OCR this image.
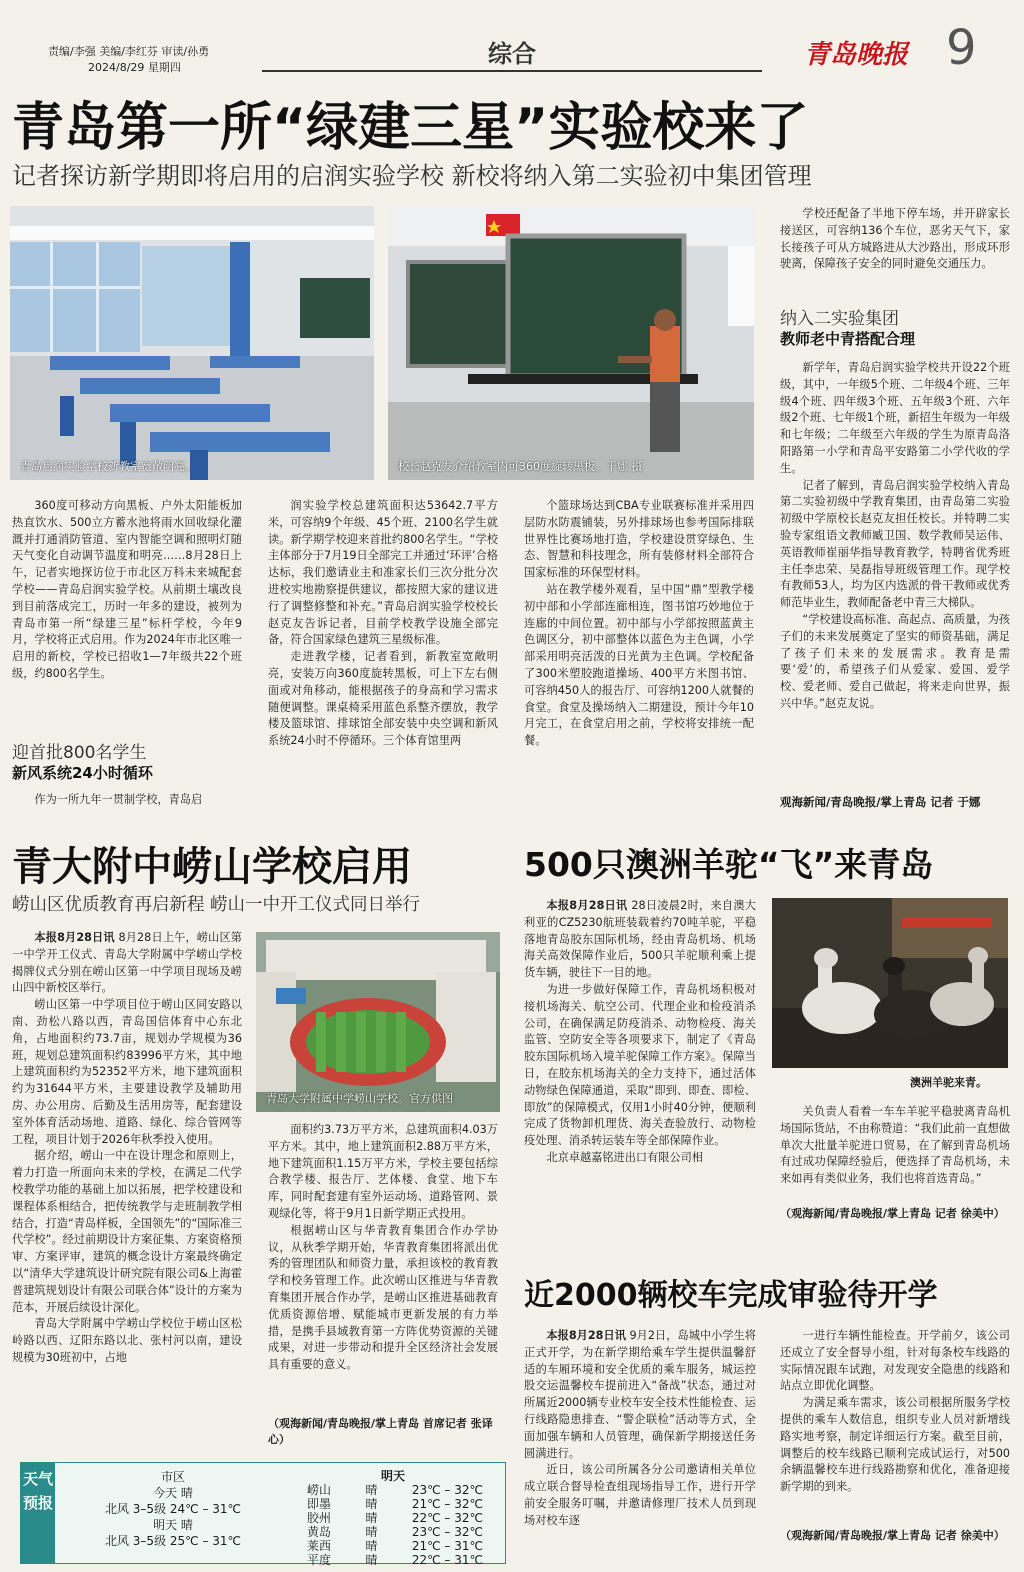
责编/李强 美编/李红芬 审读/孙勇
2024/8/29 星期四	综合	青岛晚报 9
青岛第一所“绿建三星”实验校来了
记者探访新学期即将启用的启润实验学校 新校将纳入第二实验初中集团管理
青岛启润实验学校新教室宽敞明亮。	校长赵克友介绍教室内可360度旋转黑板。于娜 摄

360度可移动方向黑板、户外太阳能板加热直饮水、500立方蓄水池将雨水回收绿化灌溉并打通消防管道、室内智能空调和照明灯随天气变化自动调节温度和明亮……8月28日上午，记者实地探访位于市北区万科未来城配套学校——青岛启润实验学校。从前期土壤改良到目前落成完工，历时一年多的建设，被列为青岛市第一所“绿建三星”标杆学校，今年9月，学校将正式启用。作为2024年市北区唯一启用的新校，学校已招收1—7年级共22个班级，约800名学生。

迎首批800名学生
新风系统24小时循环

作为一所九年一贯制学校，青岛启

润实验学校总建筑面积达53642.7平方米，可容纳9个年级、45个班、2100名学生就读。新学期学校迎来首批约800名学生。“学校主体部分于7月19日全部完工并通过‘环评’合格达标，我们邀请业主和准家长们三次分批分次进校实地勘察提供建议，都按照大家的建议进行了调整修整和补充。”青岛启润实验学校校长赵克友告诉记者，目前学校教学设施全部完备，符合国家绿色建筑三星级标准。

走进教学楼，记者看到，新教室宽敞明亮，安装万向360度旋转黑板，可上下左右侧面或对角移动，能根据孩子的身高和学习需求随便调整。课桌椅采用蓝色系整齐摆放，教学楼及篮球馆、排球馆全部安装中央空调和新风系统24小时不停循环。三个体育馆里两

个篮球场达到CBA专业联赛标准并采用四层防水防震铺装，另外排球场也参考国际排联世界性比赛场地打造，学校建设贯穿绿色、生态、智慧和科技理念，所有装修材料全部符合国家标准的环保型材料。

站在教学楼外观看，呈中国“鼎”型教学楼初中部和小学部连廊相连，图书馆巧妙地位于连廊的中间位置。初中部与小学部按照蓝黄主色调区分，初中部整体以蓝色为主色调，小学部采用明亮活泼的日光黄为主色调。学校配备了300米塑胶跑道操场、400平方米图书馆、可容纳450人的报告厅、可容纳1200人就餐的食堂。食堂及操场纳入二期建设，预计今年10月完工，在食堂启用之前，学校将安排统一配餐。

学校还配备了半地下停车场，并开辟家长接送区，可容纳136个车位，恶劣天气下，家长接孩子可从方城路进从大沙路出，形成环形驶离，保障孩子安全的同时避免交通压力。

纳入二实验集团
教师老中青搭配合理

新学年，青岛启润实验学校共开设22个班级，其中，一年级5个班、二年级4个班、三年级4个班、四年级3个班、五年级3个班、六年级2个班、七年级1个班，新招生年级为一年级和七年级；二年级至六年级的学生为原青岛洛阳路第一小学和青岛平安路第二小学代收的学生。

记者了解到，青岛启润实验学校纳入青岛第二实验初级中学教育集团，由青岛第二实验初级中学原校长赵克友担任校长。并特聘二实验专家组语文教师臧卫国、数学教师吴运伟、英语教师崔丽华指导教育教学，特聘省优秀班主任李忠荣、吴磊指导班级管理工作。现学校有教师53人，均为区内选派的骨干教师或优秀师范毕业生，教师配备老中青三大梯队。

“学校建设高标准、高起点、高质量，为孩子们的未来发展奠定了坚实的师资基础，满足了孩子们未来的发展需求。教育是需要‘爱’的，希望孩子们从爱家、爱国、爱学校、爱老师、爱自己做起，将来走向世界，振兴中华。”赵克友说。

观海新闻/青岛晚报/掌上青岛 记者 于娜
青大附中崂山学校启用
崂山区优质教育再启新程 崂山一中开工仪式同日举行

本报8月28日讯 8月28日上午，崂山区第一中学开工仪式、青岛大学附属中学崂山学校揭牌仪式分别在崂山区第一中学项目现场及崂山四中新校区举行。

崂山区第一中学项目位于崂山区同安路以南、劲松八路以西，青岛国信体育中心东北角，占地面积约73.7亩，规划办学规模为36班，规划总建筑面积约83996平方米，其中地上建筑面积约为52352平方米，地下建筑面积约为31644平方米，主要建设教学及辅助用房、办公用房、后勤及生活用房等，配套建设室外体育活动场地、道路、绿化、综合管网等工程，项目计划于2026年秋季投入使用。

据介绍，崂山一中在设计理念和原则上，着力打造一所面向未来的学校，在满足二代学校教学功能的基础上加以拓展，把学校建设和课程体系相结合，把传统教学与走班制教学相结合，打造“青岛样板，全国领先”的“国际准三代学校”。经过前期设计方案征集、方案资格预审、方案评审，建筑的概念设计方案最终确定以“清华大学建筑设计研究院有限公司&上海霍普建筑规划设计有限公司联合体”设计的方案为范本，开展后续设计深化。

青岛大学附属中学崂山学校位于崂山区松岭路以西、辽阳东路以北、张村河以南，建设规模为30班初中，占地

青岛大学附属中学崂山学校。官方供图

面积约3.73万平方米，总建筑面积4.03万平方米。其中，地上建筑面积2.88万平方米，地下建筑面积1.15万平方米，学校主要包括综合教学楼、报告厅、艺体楼、食堂、地下车库，同时配套建有室外运动场、道路管网、景观绿化等，将于9月1日新学期正式投用。

根据崂山区与华青教育集团合作办学协议，从秋季学期开始，华青教育集团将派出优秀的管理团队和师资力量，承担该校的教育教学和校务管理工作。此次崂山区推进与华青教育集团开展合作办学，是崂山区推进基础教育优质资源倍增、赋能城市更新发展的有力举措，是携手县域教育第一方阵优势资源的关键成果，对进一步带动和提升全区经济社会发展具有重要的意义。

（观海新闻/青岛晚报/掌上青岛 首席记者 张译心）
500只澳洲羊驼“飞”来青岛

本报8月28日讯 28日凌晨2时，来自澳大利亚的CZ5230航班装载着约70吨羊驼，平稳落地青岛胶东国际机场，经由青岛机场、机场海关高效保障作业后，500只羊驼顺利乘上提货车辆，驶往下一目的地。

为进一步做好保障工作，青岛机场积极对接机场海关、航空公司、代理企业和检疫消杀公司，在确保满足防疫消杀、动物检疫、海关监管、空防安全等各项要求下，制定了《青岛胶东国际机场入境羊驼保障工作方案》。保障当日，在胶东机场海关的全力支持下，通过活体动物绿色保障通道，采取“即到、即查、即检、即放”的保障模式，仅用1小时40分钟，便顺利完成了货物卸机理货、海关查验放行、动物检疫处理、消杀转运装车等全部保障作业。

北京卓越嘉铭进出口有限公司相

澳洲羊驼来青。

关负责人看着一车车羊驼平稳驶离青岛机场国际货站，不由称赞道：“我们此前一直想做单次大批量羊驼进口贸易，在了解到青岛机场有过成功保障经验后，便选择了青岛机场，未来如再有类似业务，我们也将首选青岛。”

（观海新闻/青岛晚报/掌上青岛 记者 徐美中）
近2000辆校车完成审验待开学

本报8月28日讯 9月2日，岛城中小学生将正式开学，为在新学期给乘车学生提供温馨舒适的车厢环境和安全优质的乘车服务，城运控股交运温馨校车提前进入“备战”状态，通过对所属近2000辆专业校车安全技术性能检查、运行线路隐患排查、“警企联检”活动等方式，全面加强车辆和人员管理，确保新学期接送任务圆满进行。

近日，该公司所属各分公司邀请相关单位成立联合督导检查组现场指导工作，进行开学前安全服务叮嘱，并邀请修理厂技术人员到现场对校车逐

一进行车辆性能检查。开学前夕，该公司还成立了安全督导小组，针对每条校车线路的实际情况跟车试跑，对发现安全隐患的线路和站点立即优化调整。

为满足乘车需求，该公司根据所服务学校提供的乘车人数信息，组织专业人员对新增线路实地考察，制定详细运行方案。截至目前，调整后的校车线路已顺利完成试运行，对500余辆温馨校车进行线路勘察和优化，准备迎接新学期的到来。

（观海新闻/青岛晚报/掌上青岛 记者 徐美中）
天气预报
市区
今天 晴
北风 3–5级 24℃ – 31℃
明天 晴
北风 3–5级 25℃ – 31℃
明天
崂山	晴	23℃ – 32℃
即墨	晴	21℃ – 32℃
胶州	晴	22℃ – 32℃
黄岛	晴	23℃ – 32℃
莱西	晴	21℃ – 31℃
平度	晴	22℃ – 31℃
